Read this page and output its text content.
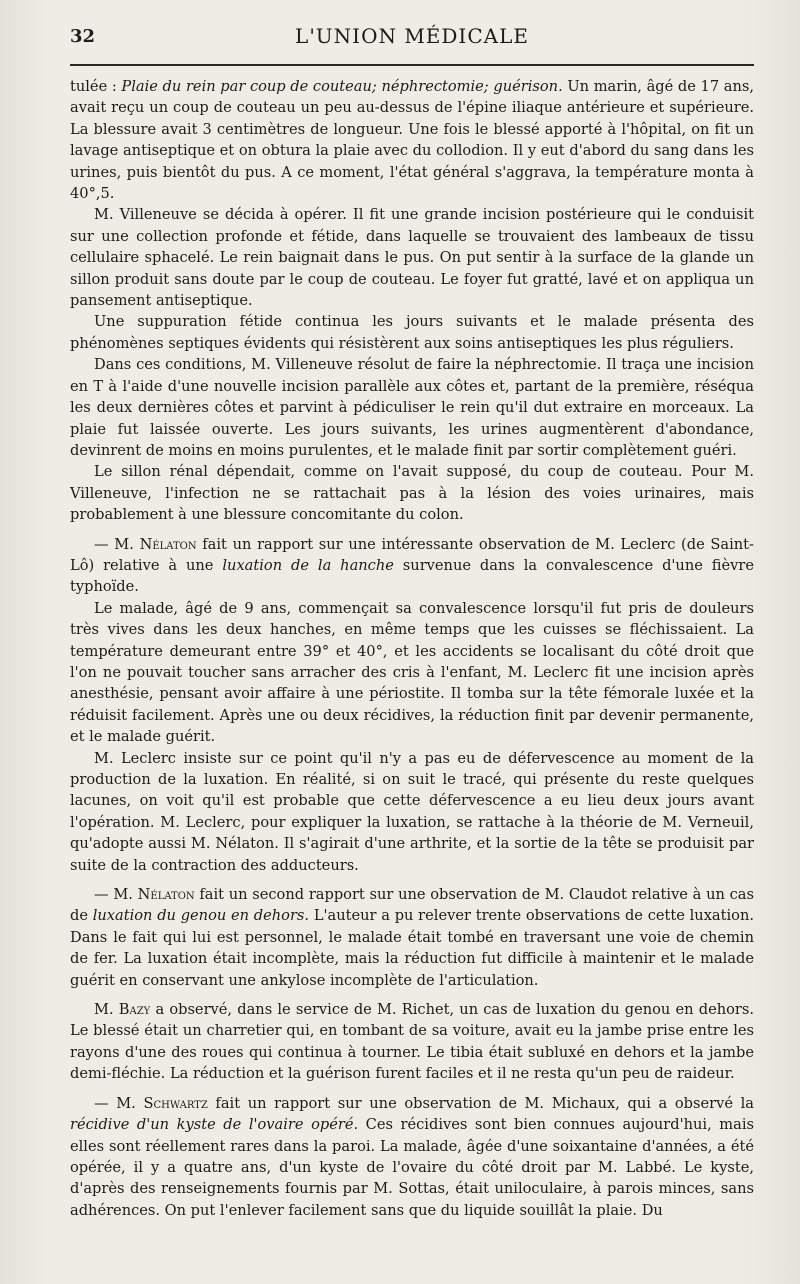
32	L'UNION MÉDICALE

tulée : Plaie du rein par coup de couteau; néphrectomie; guérison. Un marin, âgé de 17 ans, avait reçu un coup de couteau un peu au-dessus de l'épine iliaque antérieure et supérieure. La blessure avait 3 centimètres de longueur. Une fois le blessé apporté à l'hôpital, on fit un lavage antiseptique et on obtura la plaie avec du collodion. Il y eut d'abord du sang dans les urines, puis bientôt du pus. A ce moment, l'état général s'aggrava, la température monta à 40°,5.

M. Villeneuve se décida à opérer. Il fit une grande incision postérieure qui le conduisit sur une collection profonde et fétide, dans laquelle se trouvaient des lambeaux de tissu cellulaire sphacelé. Le rein baignait dans le pus. On put sentir à la surface de la glande un sillon produit sans doute par le coup de couteau. Le foyer fut gratté, lavé et on appliqua un pansement antiseptique.

Une suppuration fétide continua les jours suivants et le malade présenta des phénomènes septiques évidents qui résistèrent aux soins antiseptiques les plus réguliers.

Dans ces conditions, M. Villeneuve résolut de faire la néphrectomie. Il traça une incision en T à l'aide d'une nouvelle incision parallèle aux côtes et, partant de la première, réséqua les deux dernières côtes et parvint à pédiculiser le rein qu'il dut extraire en morceaux. La plaie fut laissée ouverte. Les jours suivants, les urines augmentèrent d'abondance, devinrent de moins en moins purulentes, et le malade finit par sortir complètement guéri.

Le sillon rénal dépendait, comme on l'avait supposé, du coup de couteau. Pour M. Villeneuve, l'infection ne se rattachait pas à la lésion des voies urinaires, mais probablement à une blessure concomitante du colon.

— M. Nélaton fait un rapport sur une intéressante observation de M. Leclerc (de Saint-Lô) relative à une luxation de la hanche survenue dans la convalescence d'une fièvre typhoïde.

Le malade, âgé de 9 ans, commençait sa convalescence lorsqu'il fut pris de douleurs très vives dans les deux hanches, en même temps que les cuisses se fléchissaient. La température demeurant entre 39° et 40°, et les accidents se localisant du côté droit que l'on ne pouvait toucher sans arracher des cris à l'enfant, M. Leclerc fit une incision après anesthésie, pensant avoir affaire à une périostite. Il tomba sur la tête fémorale luxée et la réduisit facilement. Après une ou deux récidives, la réduction finit par devenir permanente, et le malade guérit.

M. Leclerc insiste sur ce point qu'il n'y a pas eu de défervescence au moment de la production de la luxation. En réalité, si on suit le tracé, qui présente du reste quelques lacunes, on voit qu'il est probable que cette défervescence a eu lieu deux jours avant l'opération. M. Leclerc, pour expliquer la luxation, se rattache à la théorie de M. Verneuil, qu'adopte aussi M. Nélaton. Il s'agirait d'une arthrite, et la sortie de la tête se produisit par suite de la contraction des adducteurs.

— M. Nélaton fait un second rapport sur une observation de M. Claudot relative à un cas de luxation du genou en dehors. L'auteur a pu relever trente observations de cette luxation. Dans le fait qui lui est personnel, le malade était tombé en traversant une voie de chemin de fer. La luxation était incomplète, mais la réduction fut difficile à maintenir et le malade guérit en conservant une ankylose incomplète de l'articulation.

M. Bazy a observé, dans le service de M. Richet, un cas de luxation du genou en dehors. Le blessé était un charretier qui, en tombant de sa voiture, avait eu la jambe prise entre les rayons d'une des roues qui continua à tourner. Le tibia était subluxé en dehors et la jambe demi-fléchie. La réduction et la guérison furent faciles et il ne resta qu'un peu de raideur.

— M. Schwartz fait un rapport sur une observation de M. Michaux, qui a observé la récidive d'un kyste de l'ovaire opéré. Ces récidives sont bien connues aujourd'hui, mais elles sont réellement rares dans la paroi. La malade, âgée d'une soixantaine d'années, a été opérée, il y a quatre ans, d'un kyste de l'ovaire du côté droit par M. Labbé. Le kyste, d'après des renseignements fournis par M. Sottas, était uniloculaire, à parois minces, sans adhérences. On put l'enlever facilement sans que du liquide souillât la plaie. Du
